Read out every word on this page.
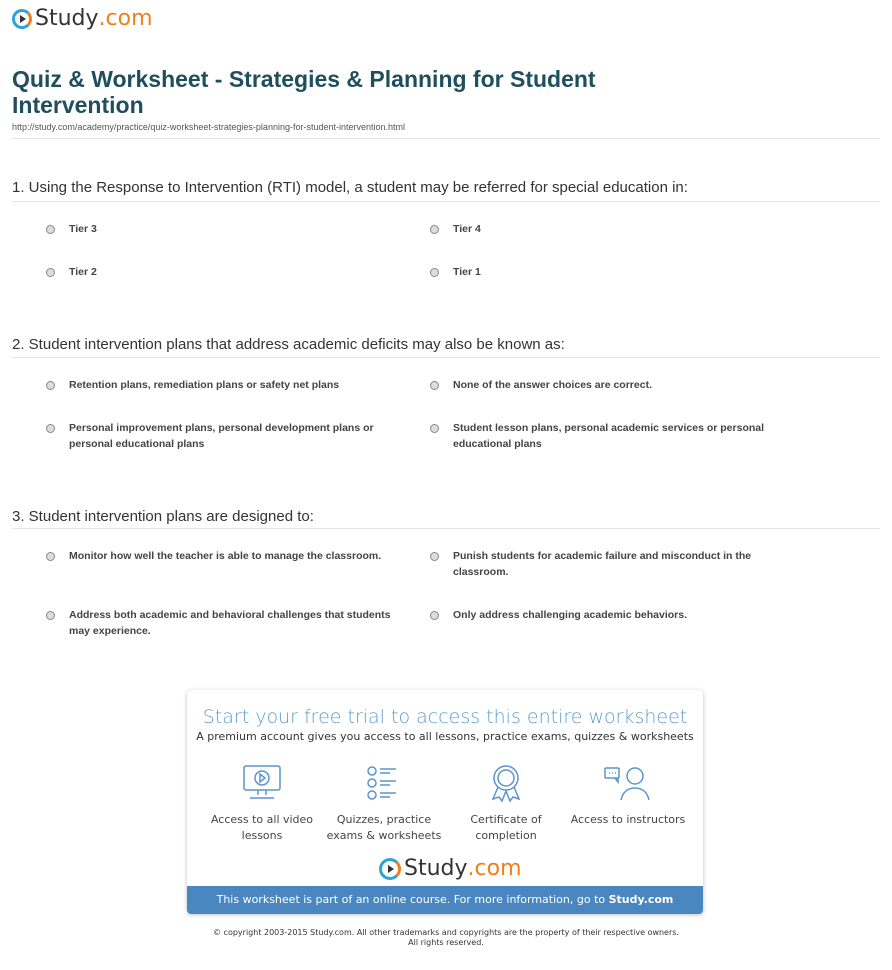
Study .com
Quiz & Worksheet - Strategies & Planning for Student Intervention
http://study.com/academy/practice/quiz-worksheet-strategies-planning-for-student-intervention.html
1. Using the Response to Intervention (RTI) model, a student may be referred for special education in:
Tier 3	Tier 4
Tier 2	Tier 1
2. Student intervention plans that address academic deficits may also be known as:
Retention plans, remediation plans or safety net plans	None of the answer choices are correct.
Personal improvement plans, personal development plans or personal educational plans
Student lesson plans, personal academic services or personal educational plans
3. Student intervention plans are designed to:
Monitor how well the teacher is able to manage the classroom.	Punish students for academic failure and misconduct in the classroom.
Address both academic and behavioral challenges that students may experience.
Only address challenging academic behaviors.
Start your free trial to access this entire worksheet
A premium account gives you access to all lessons, practice exams, quizzes & worksheets
Access to all video lessons
Quizzes, practice exams & worksheets
Certificate of completion
Access to instructors
Study .com
This worksheet is part of an online course. For more information, go to Study.com
© copyright 2003-2015 Study.com. All other trademarks and copyrights are the property of their respective owners.
All rights reserved.
